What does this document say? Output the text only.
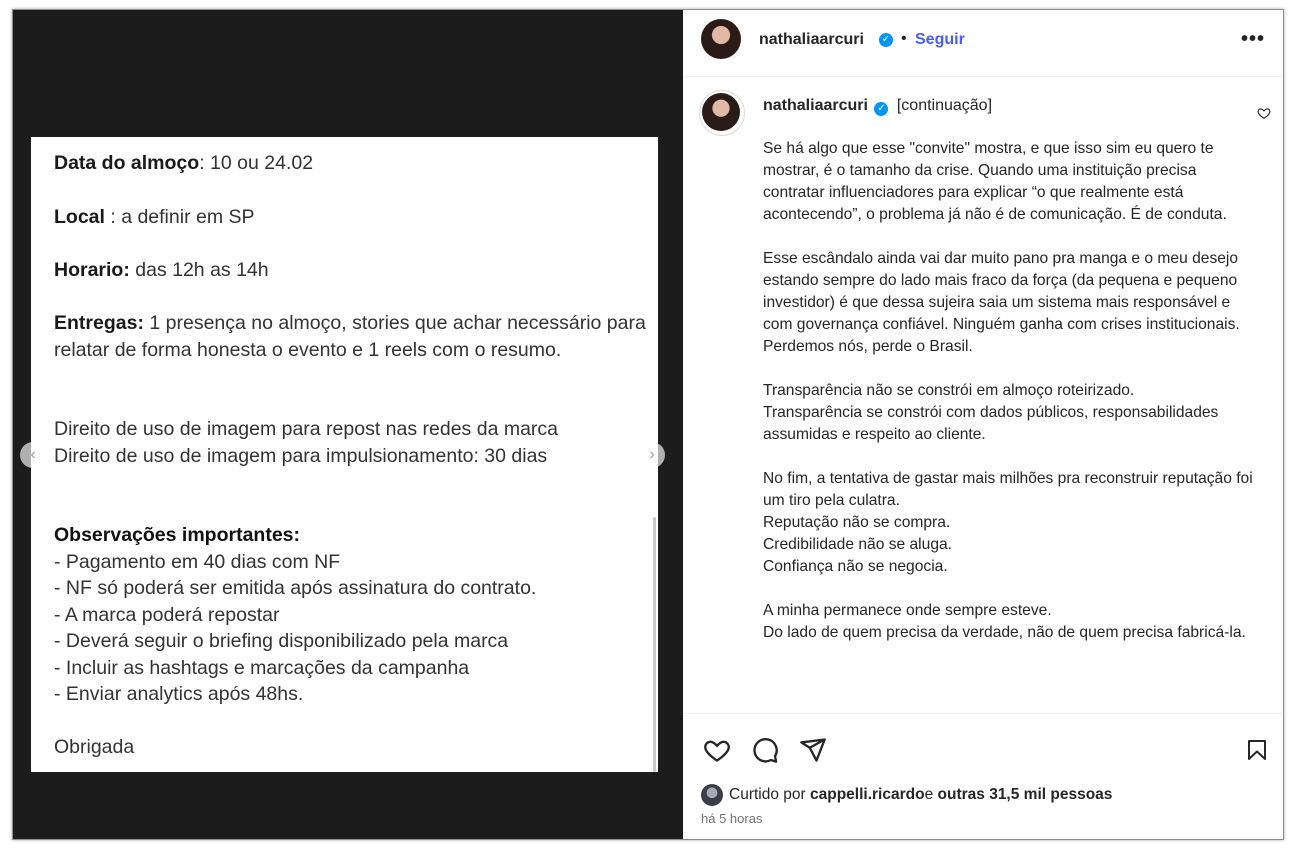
Data do almoço: 10 ou 24.02
Local : a definir em SP
Horario: das 12h as 14h
Entregas: 1 presença no almoço, stories que achar necessário para relatar de forma honesta o evento e 1 reels com o resumo.
Direito de uso de imagem para repost nas redes da marca
Direito de uso de imagem para impulsionamento: 30 dias
Observações importantes:
- Pagamento em 40 dias com NF
- NF só poderá ser emitida após assinatura do contrato.
- A marca poderá repostar
- Deverá seguir o briefing disponibilizado pela marca
- Incluir as hashtags e marcações da campanha
- Enviar analytics após 48hs.
Obrigada
‹	›
nathaliaarcuri ✓ • Seguir	•••
nathaliaarcuri ✓ [continuação]
Se há algo que esse "convite" mostra, e que isso sim eu quero te mostrar, é o tamanho da crise. Quando uma instituição precisa contratar influenciadores para explicar “o que realmente está acontecendo”, o problema já não é de comunicação. É de conduta.

Esse escândalo ainda vai dar muito pano pra manga e o meu desejo estando sempre do lado mais fraco da força (da pequena e pequeno investidor) é que dessa sujeira saia um sistema mais responsável e com governança confiável. Ninguém ganha com crises institucionais. Perdemos nós, perde o Brasil.

Transparência não se constrói em almoço roteirizado.
Transparência se constrói com dados públicos, responsabilidades assumidas e respeito ao cliente.

No fim, a tentativa de gastar mais milhões pra reconstruir reputação foi um tiro pela culatra.
Reputação não se compra.
Credibilidade não se aluga.
Confiança não se negocia.

A minha permanece onde sempre esteve.
Do lado de quem precisa da verdade, não de quem precisa fabricá-la.
Curtido por
cappelli.ricardo e
outras 31,5 mil pessoas
há 5 horas
